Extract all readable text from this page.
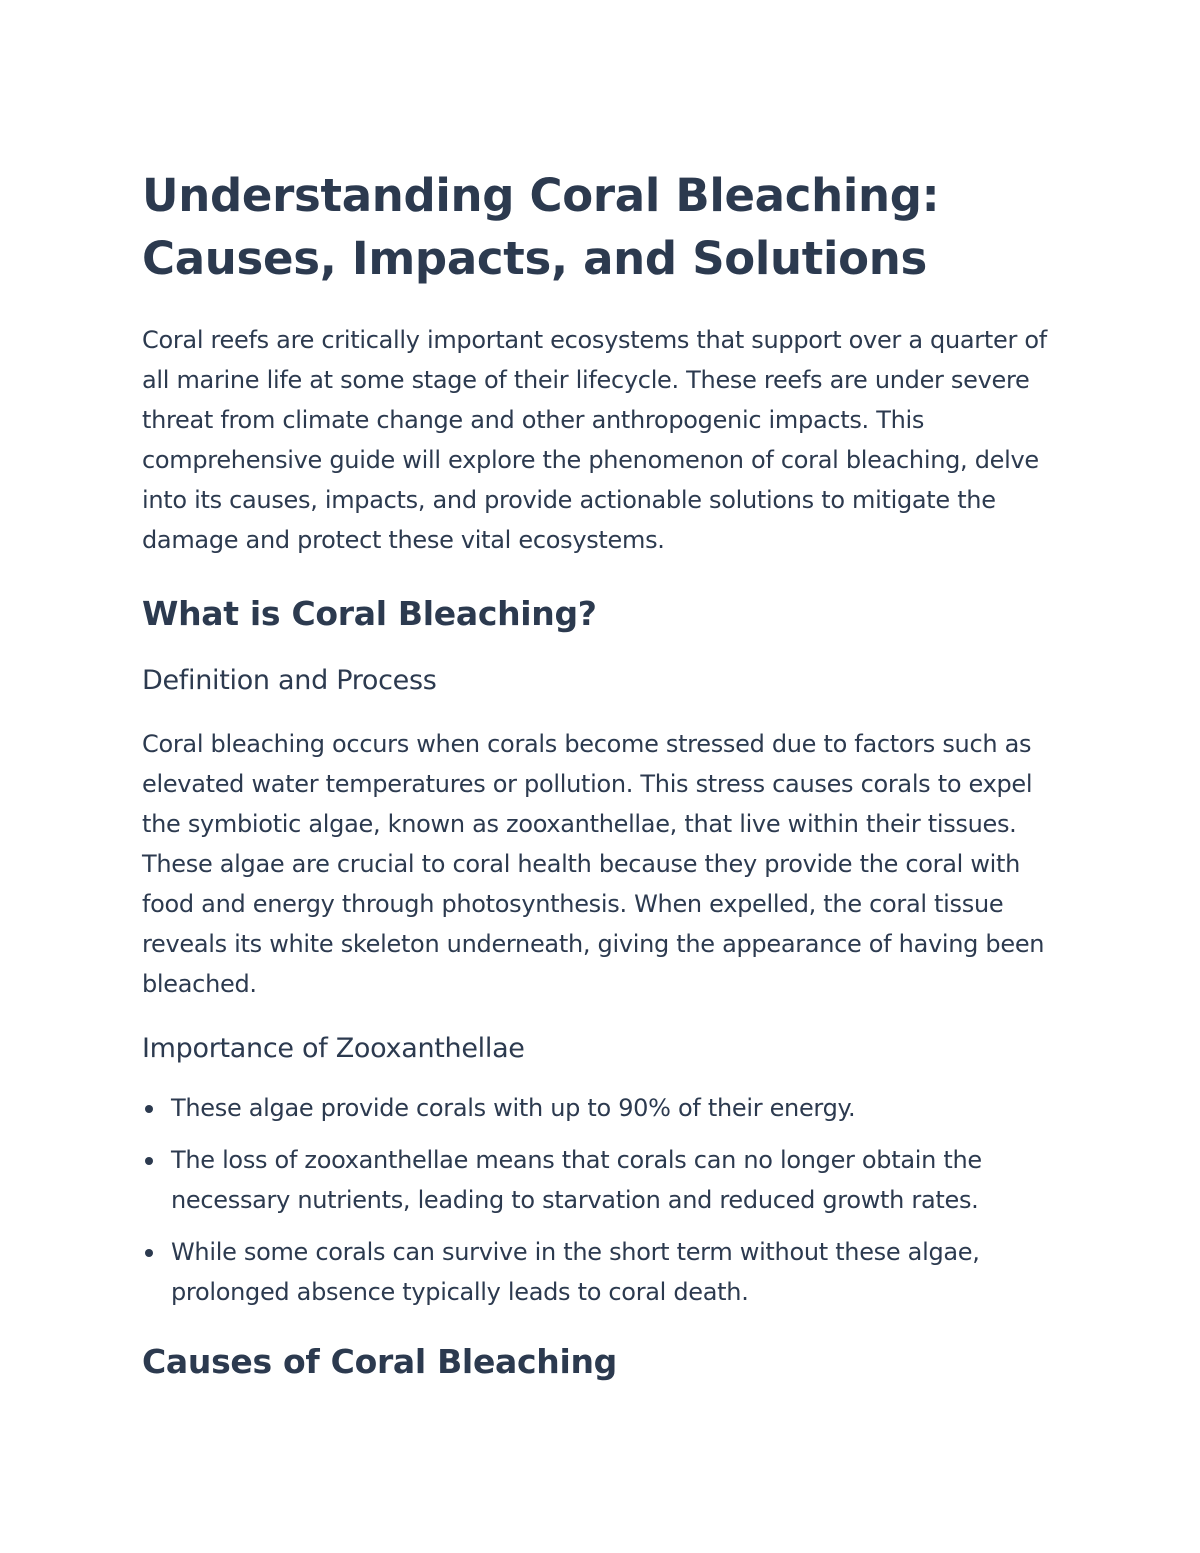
Understanding Coral Bleaching: Causes, Impacts, and Solutions

Coral reefs are critically important ecosystems that support over a quarter of all marine life at some stage of their lifecycle. These reefs are under severe threat from climate change and other anthropogenic impacts. This comprehensive guide will explore the phenomenon of coral bleaching, delve into its causes, impacts, and provide actionable solutions to mitigate the damage and protect these vital ecosystems.

What is Coral Bleaching?
Definition and Process

Coral bleaching occurs when corals become stressed due to factors such as elevated water temperatures or pollution. This stress causes corals to expel the symbiotic algae, known as zooxanthellae, that live within their tissues. These algae are crucial to coral health because they provide the coral with food and energy through photosynthesis. When expelled, the coral tissue reveals its white skeleton underneath, giving the appearance of having been bleached.

Importance of Zooxanthellae
These algae provide corals with up to 90% of their energy.
The loss of zooxanthellae means that corals can no longer obtain the necessary nutrients, leading to starvation and reduced growth rates.
While some corals can survive in the short term without these algae, prolonged absence typically leads to coral death.
Causes of Coral Bleaching
